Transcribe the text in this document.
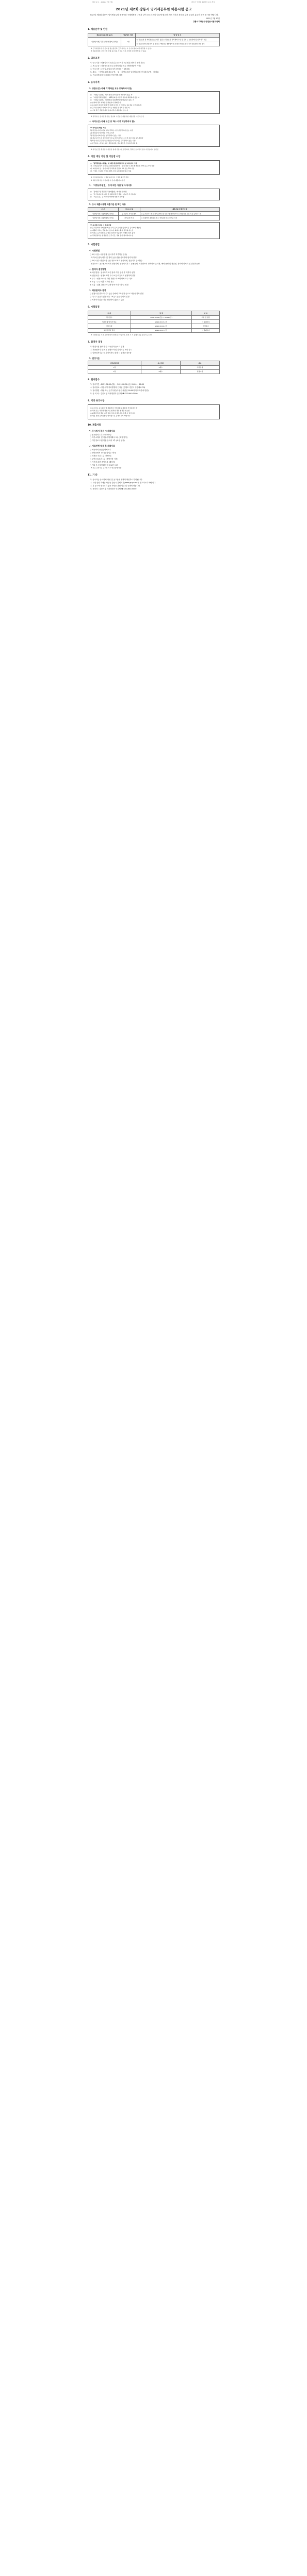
[원본 공고 ·· 2021년 7월 7일]	[강릉시 인터넷 홈페이지 공고 게시]
2021년 제2회 강릉시 임기제공무원 채용시험 공고
2021년 제2회 강릉시 임기제공무원 채용시험 시행계획을 다음과 같이 공고하오니 업무에 필요한 전문 지식과 경험을 갖춘 유능한 분들의 많은 응시를 바랍니다.
2021년 7월 20일
강릉시지방공무원임용시험위원회
1. 채용분야 및 인원
채용분야 (임기제 등급)	담당업무 인원	담 당 업 무
일반임기제공무원 (지방 행정7급 상당)	1명	○ 정보보안 및 개인정보보호 업무 총괄 ○ 정보보안 관리체계 수립 및 운영 ○ 보안관제 및 침해사고 대응
		○ 정보통신망 보안관리 및 점검 ○ 개인정보 영향평가 및 안전성 확보조치 ○ 기타 정보보안 관련 업무

※ 근무예정부서: 강릉시청 정보통신과 (근무부서는 시 인사사정에 따라 변경될 수 있음)

※ 채용예정일: 2021년 10월 중 (임용 시기는 기관 사정에 따라 변경될 수 있음)

2. 임용조건

가. 근무기간 : 임용일부터 2년 (총 근무기간 5년 범위 내에서 연장 가능)

나. 보수수준 : 지방공무원 보수규정에 의한 보수 (연봉하한액 이상)

다. 근무시간 : 주 5일, 1일 8시간 (09:00 ~ 18:00)

라. 복무 : 「지방공무원 복무규정」 및 「지방공무원 임기제공무원 인사관리규정」에 따름

마. 근무성적평가 등에 따라 연장 여부 결정

3. 응시자격
가. 공통요건 (아래 각 항목을 모두 충족하여야 함)

○ 「지방공무원법」 제31조의 결격사유에 해당하지 않는 자

○ 「지방공무원 임용령」 제65조의 응시결격 사유에 해당하지 않는 자

○ 「지방공무원법」 제66조의 정년(60세)에 해당하지 않는 자

○ 남자의 경우 병역을 필하였거나 면제된 자

○ 응시원서 접수일 현재 만 20세 이상인 자 (2001. 12. 31. 이전 출생자)

○ 공고일 현재 국내에 거주하는 대한민국 국적을 가진 자

○ 기타 관련 법령에 따라 응시자격이 제한되지 않는 자

※ 결격사유, 응시결격 사유, 정년의 기준일은 최종시험 예정일을 기준으로 함

나. 자격요건 (아래 요건 중 하나 이상 해당하여야 함)
※ 자격요건 확인 기준

1) 관련분야 학사학위 취득 후 2년 이상 실무경력이 있는 사람

2) 관련분야 석사학위 이상 소지자

3) 관련분야 4년 이상 실무경력이 있는 사람

4) 정보보안기사, 정보처리기사 등 관련 자격증 소지 후 2년 이상 실무경력자

5) 8급 이상 공무원으로 관련분야 2년 이상 근무경력이 있는 사람

○ 관련분야 : 정보보호학, 컴퓨터공학, 전자계산학, 정보통신공학 등

※ 자격요건은 원서접수 마감일 현재 기준으로 판단하며, 경력은 응시원서 접수 마감일까지 합산함

4. 가산 대상 가점 및 가산점 사항
○ 「공무원임용시험령」에 의한 취업지원대상자 및 의사상자 가점

가. 국가보훈처가 인정하는 취업지원대상자 : 필기시험 각 과목별 만점의 10% 또는 5% 가산

나. 의사상자 등 : 필기시험 각 과목별 만점의 5% 또는 3% 가산

다. 가점은 각 과목 만점의 40% 이상 득점자에 한하여 적용

※ 취업지원대상자 가점과 의사상자 가점은 1개만 적용

※ 해당 증명서는 서류제출 시 함께 제출하여야 함

다. 「지방공무원법」 등에 의한 가점 및 우대사항

○ 「장애인고용촉진 및 직업재활법」에 따른 장애인

○ 「국가유공자 등 예우 및 지원에 관한 법률」에 따른 국가유공자

○ 「저소득층」 등 사회적 약자에 대한 우대사항

라. 응시 제출서류별 제출기관 및 확인 사항
구 분	임 용 유 형	제출서류 및 확인사항
일반임기제 (지방행정7급 상당)	응시원서, 자기소개서	○ 응시원서 1부 ○ 자기소개서 및 직무수행계획서 1부 ○ 개인정보 수집 이용 동의서 1부
일반임기제 (지방행정7급 상당)	자격증명 서류	○ 최종학력 졸업증명서 ○ 경력증명서 ○ 자격증 사본
※ 응시원서 작성 시 유의사항

○ 응시원서의 기재사항 착오·누락 등으로 인한 불이익은 응시자의 책임임

○ 제출된 서류는 반환하지 않으며, 허위기재 시 합격을 취소함

○ 서류는 등기우편 또는 방문 접수만 가능하며 이메일 접수 불가

○ 경력증명서는 담당업무, 근무기간, 직위 등이 명시되어야 함

5. 시험방법
가. 시험방법

○ 1차 시험 : 서류전형 (응시자격 적격여부 심사)

- 자격요건 충족 여부 및 경력 등을 종합 심사하여 합격자 결정

○ 2차 시험 : 면접시험 (공무원으로서의 정신자세, 전문지식 등 평정)

- 평정요소 : 공무원으로서의 정신자세, 전문지식과 그 응용능력, 의사발표의 정확성과 논리성, 예의·품행 및 성실성, 창의력·의지력 및 발전가능성

나. 합격자 결정방법

1) 서류전형 : 응시자격 요건 충족 여부 심사 후 적격자 선발

2) 면접시험 : 평정요소별 우수·보통·미흡으로 평정하여 결정

① 우수 : 평정요소 중 위원 과반수가 5개 항목 모두 "상"

② 보통 : 우수·미흡 이외의 경우

③ 미흡 : 위원 과반수가 2개 항목 이상 "하"로 평정

다. 최종합격자 결정

○ 면접시험 결과 "우수" 등급 중에서 고득점자 순으로 최종합격자 결정

○ "우수" 등급이 없을 경우 "보통" 등급 중에서 결정

○ 적격자가 없는 경우 선발하지 않을 수 있음

6. 시험일정
구 분	일 정	비 고
원서접수	2021.08.02.(월) ~ 08.06.(금)	우편 및 방문
서류전형 합격자 발표	2021.08.13.(금)	시 홈페이지
면접시험	2021.08.20.(금)	개별통지
최종합격자 발표	2021.08.27.(금)	시 홈페이지

※ 시험일정은 기관 사정에 따라 변경될 수 있으며, 변경 시 시 홈페이지를 통하여 공고함

7. 합격자 결정

가. 면접시험 합격자 중 고득점자 순으로 결정

나. 최종합격자 발표 후 신원조사 및 결격사유 조회 실시

다. 임용결격사유 등 부적격자로 판정 시 합격을 취소함

라. 결정기준
선발예정인원	응시인원	비고
1명	3배수	서류전형
1명	2배수	면접시험
8. 원서접수

가. 접수기간 : 2021.08.02.(월) ~ 2021.08.06.(금) 09:00 ~ 18:00

나. 접수장소 : 강릉시청 자치행정과 인사팀 (강원도 강릉시 강릉대로 33)

다. 접수방법 : 방문 또는 등기우편 (우편은 마감일 18:00까지 도착분에 한함)

라. 문 의 처 : 강릉시청 자치행정과 인사팀 ☎ 033-640-5000

9. 기타 유의사항

○ 응시자는 응시원서 및 제출서류 기재사항을 정확히 작성하여야 함

○ 허위 또는 부정한 방법으로 합격한 경우 합격을 취소함

○ 최종합격자 발표 이후 임용 전까지 결격사유 발생 시 합격 취소

○ 채용 관련 문의사항은 인사팀으로 문의하시기 바랍니다

10. 제출서류
가. 응시원서 접수 시 제출서류

○ 응시원서 1부 (소정 양식)

○ 자기소개서 및 직무수행계획서 1부 (소정 양식)

○ 개인정보 수집 이용 동의서 1부 (소정 양식)

나. 서류전형 합격 후 제출서류

○ 최종학력 졸업증명서 1부

○ 경력증명서 1부 (담당업무 명시)

○ 자격증 사본 1부 (해당자)

○ 주민등록초본 1부 (병역사항 기재)

○ 가산점 관련 증빙서류 (해당자)

○ 기타 응시자격 확인에 필요한 서류

※ 모든 증명서는 공고일 이후 발급분에 한함

11. 기 타

가. 응시자는 응시원서 작성 전 공고문을 정확히 확인하시기 바랍니다.

나. 시험 관련 자세한 사항은 강릉시 홈페이지(www.gn.go.kr)를 참고하시기 바랍니다.

다. 본 공고에 명시되지 않은 사항은 관련 법령 및 규정에 따릅니다.

라. 문의처 : 강릉시청 자치행정과 인사팀 ☎ 033-640-5000
